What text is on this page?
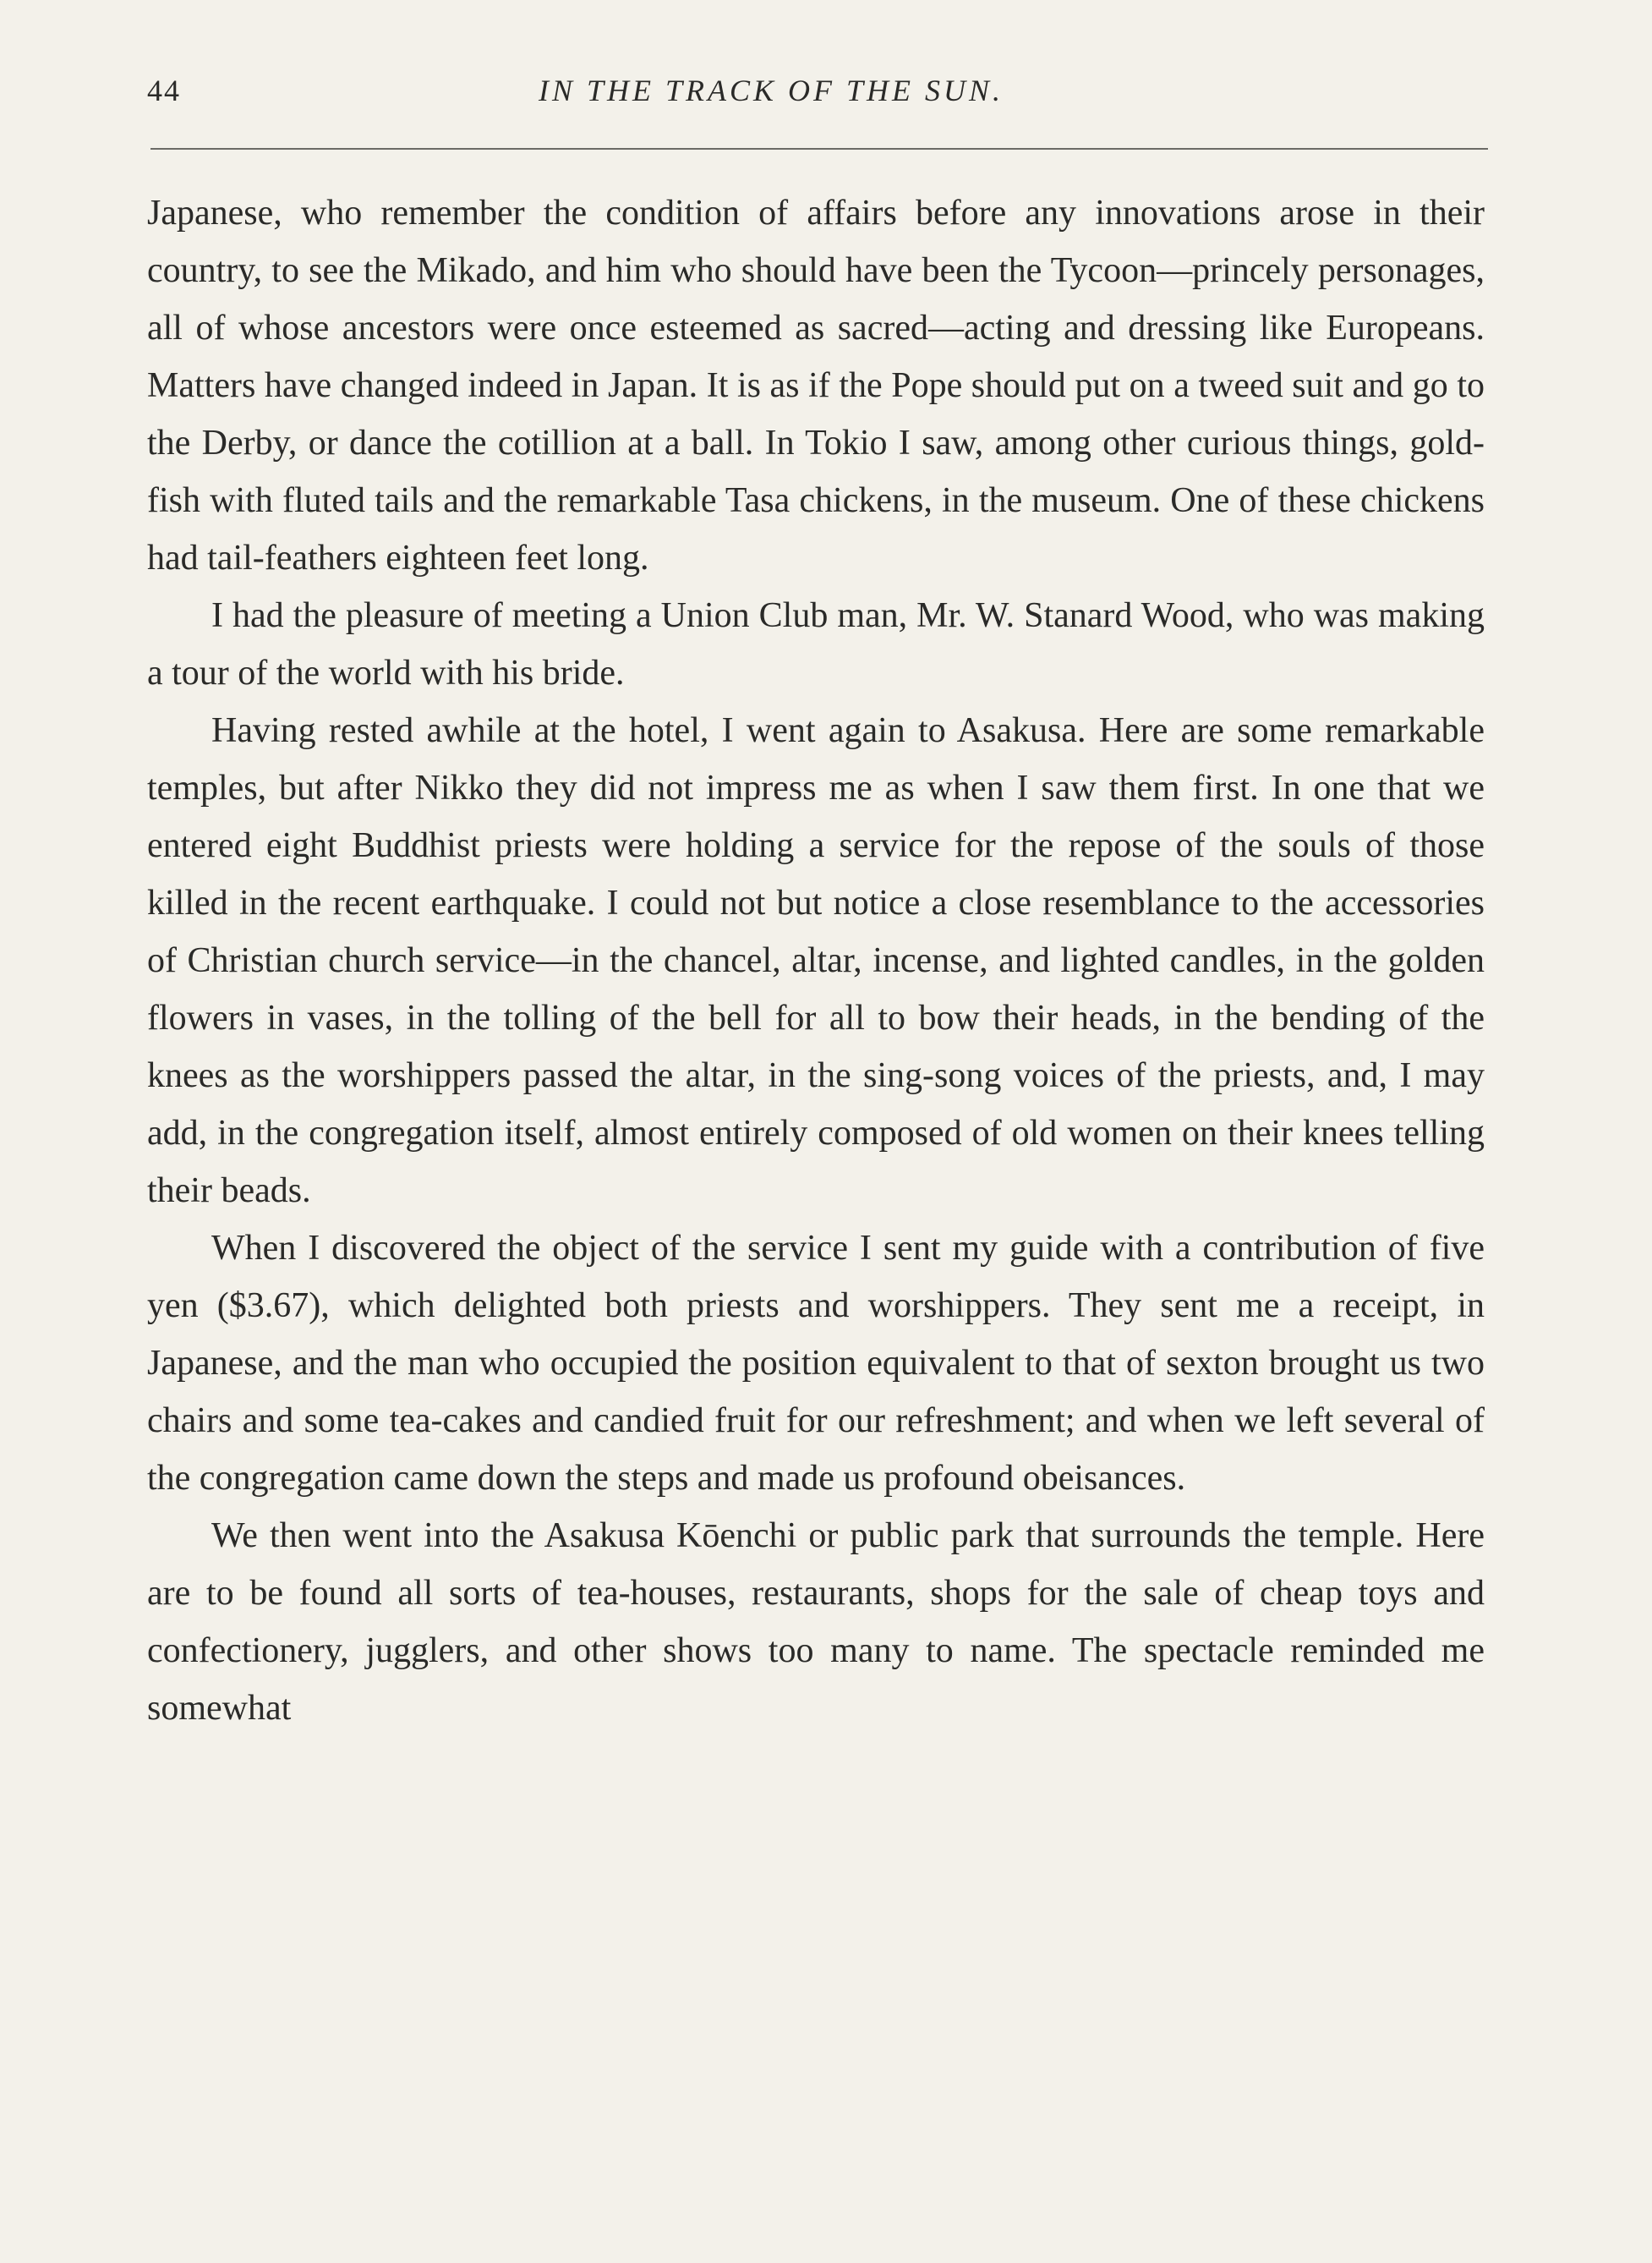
44	IN THE TRACK OF THE SUN.

Japanese, who remember the condition of affairs before any innovations arose in their country, to see the Mikado, and him who should have been the Tycoon—princely personages, all of whose ancestors were once esteemed as sacred—acting and dressing like Europeans. Matters have changed indeed in Japan. It is as if the Pope should put on a tweed suit and go to the Derby, or dance the cotillion at a ball. In Tokio I saw, among other curious things, gold-fish with fluted tails and the remarkable Tasa chickens, in the museum. One of these chickens had tail-feathers eighteen feet long.

I had the pleasure of meeting a Union Club man, Mr. W. Stanard Wood, who was making a tour of the world with his bride.

Having rested awhile at the hotel, I went again to Asakusa. Here are some remarkable temples, but after Nikko they did not impress me as when I saw them first. In one that we entered eight Buddhist priests were holding a service for the repose of the souls of those killed in the recent earthquake. I could not but notice a close resemblance to the accessories of Christian church service—in the chancel, altar, incense, and lighted candles, in the golden flowers in vases, in the tolling of the bell for all to bow their heads, in the bending of the knees as the worshippers passed the altar, in the sing-song voices of the priests, and, I may add, in the congregation itself, almost entirely composed of old women on their knees telling their beads.

When I discovered the object of the service I sent my guide with a contribution of five yen ($3.67), which delighted both priests and worshippers. They sent me a receipt, in Japanese, and the man who occupied the position equivalent to that of sexton brought us two chairs and some tea-cakes and candied fruit for our refreshment; and when we left several of the congregation came down the steps and made us profound obeisances.

We then went into the Asakusa Kōenchi or public park that surrounds the temple. Here are to be found all sorts of tea-houses, restaurants, shops for the sale of cheap toys and confectionery, jugglers, and other shows too many to name. The spectacle reminded me somewhat
